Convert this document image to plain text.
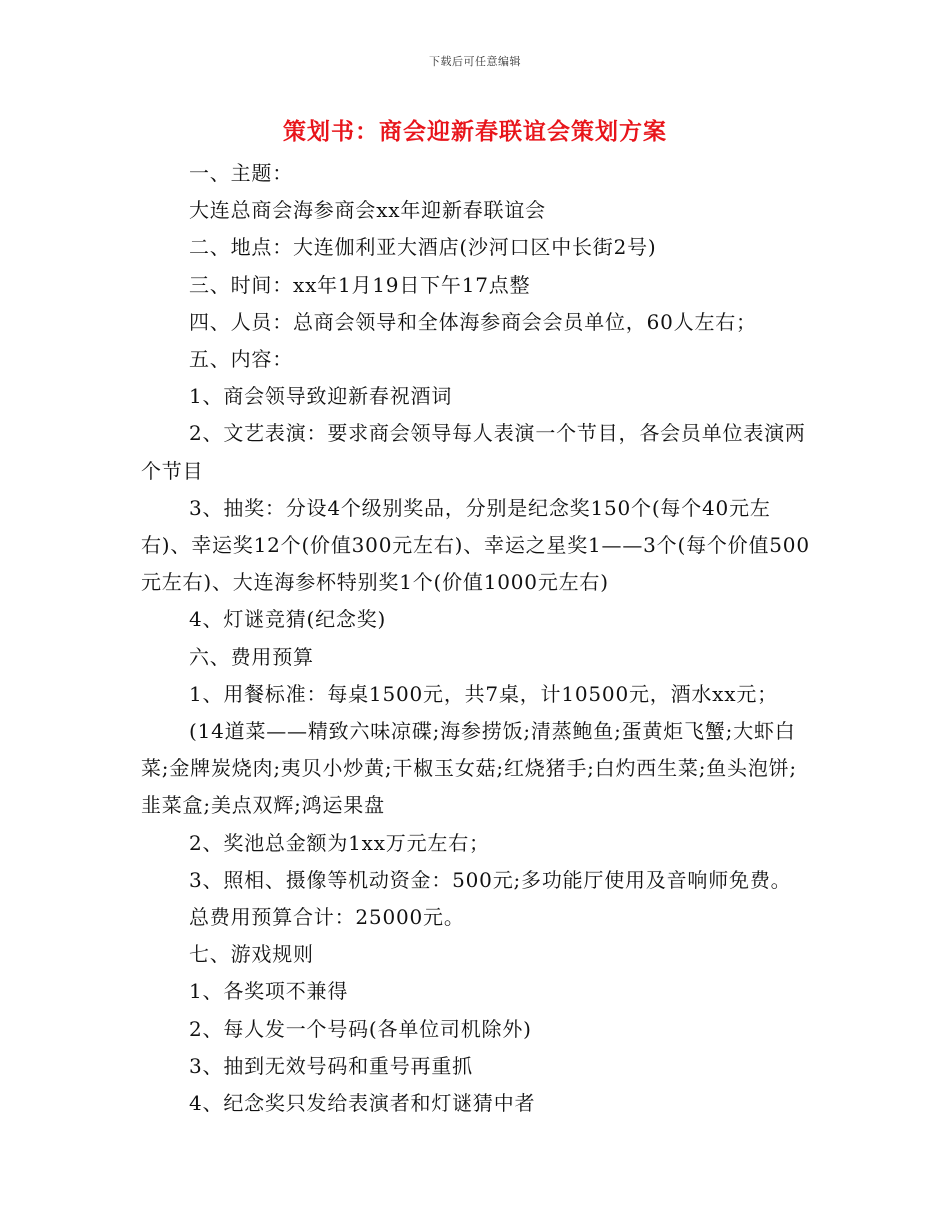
下载后可任意编辑
策划书：商会迎新春联谊会策划方案

一、主题：

大连总商会海参商会xx年迎新春联谊会

二、地点：大连伽利亚大酒店(沙河口区中长街2号)

三、时间：xx年1月19日下午17点整

四、人员：总商会领导和全体海参商会会员单位，60人左右；

五、内容：

1、商会领导致迎新春祝酒词

2、文艺表演：要求商会领导每人表演一个节目，各会员单位表演两个节目

3、抽奖：分设4个级别奖品，分别是纪念奖150个(每个40元左右)、幸运奖12个(价值300元左右)、幸运之星奖1——3个(每个价值500元左右)、大连海参杯特别奖1个(价值1000元左右)

4、灯谜竞猜(纪念奖)

六、费用预算

1、用餐标准：每桌1500元，共7桌，计10500元，酒水xx元；

(14道菜——精致六味凉碟;海参捞饭;清蒸鲍鱼;蛋黄炬飞蟹;大虾白菜;金牌炭烧肉;夷贝小炒黄;干椒玉女菇;红烧猪手;白灼西生菜;鱼头泡饼;韭菜盒;美点双辉;鸿运果盘

2、奖池总金额为1xx万元左右；

3、照相、摄像等机动资金：500元;多功能厅使用及音响师免费。

总费用预算合计：25000元。

七、游戏规则

1、各奖项不兼得

2、每人发一个号码(各单位司机除外)

3、抽到无效号码和重号再重抓

4、纪念奖只发给表演者和灯谜猜中者
